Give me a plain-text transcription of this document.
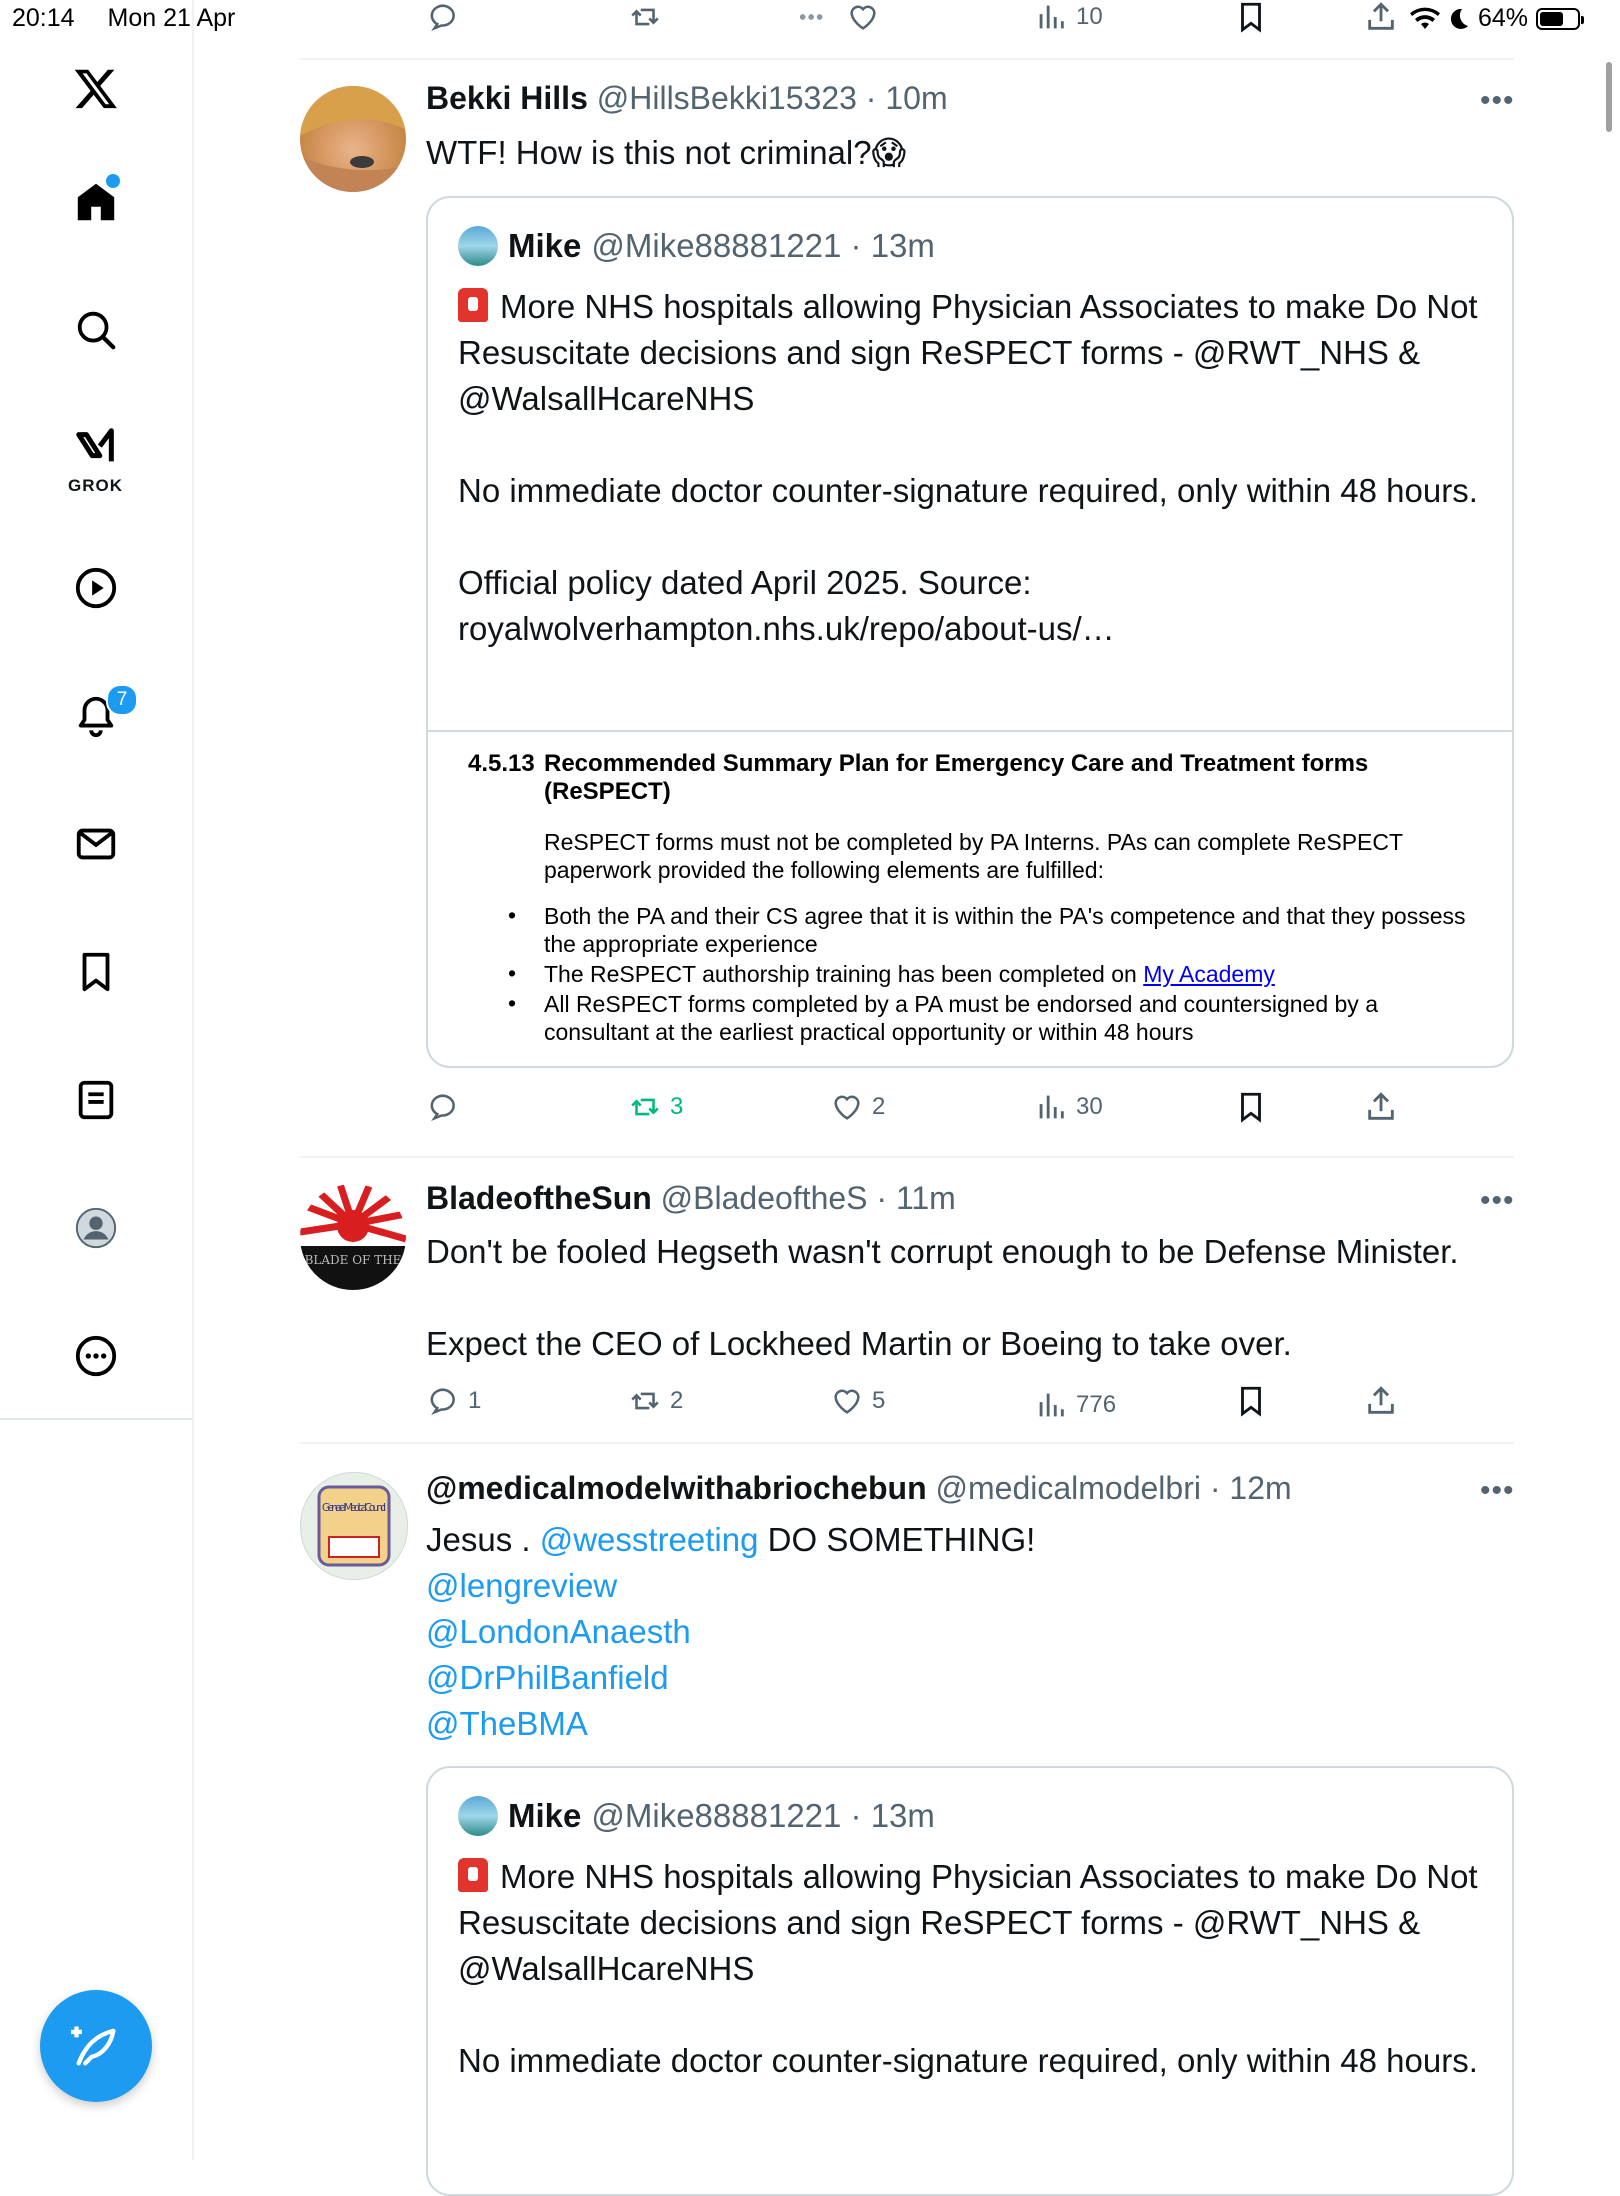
20:14 Mon 21 Apr	64%
GROK
7
10
Bekki Hills @HillsBekki15323 · 10m	•••
WTF! How is this not criminal?😱
Mike @Mike88881221 · 13m
More NHS hospitals allowing Physician Associates to make Do Not Resuscitate decisions and sign ReSPECT forms - @RWT_NHS & @WalsallHcareNHS
No immediate doctor counter-signature required, only within 48 hours.
Official policy dated April 2025. Source: royalwolverhampton.nhs.uk/repo/about-us/…
4.5.13 Recommended Summary Plan for Emergency Care and Treatment forms (ReSPECT)
ReSPECT forms must not be completed by PA Interns. PAs can complete ReSPECT paperwork provided the following elements are fulfilled:
• Both the PA and their CS agree that it is within the PA's competence and that they possess the appropriate experience
• The ReSPECT authorship training has been completed on My Academy
• All ReSPECT forms completed by a PA must be endorsed and countersigned by a consultant at the earliest practical opportunity or within 48 hours
3	2	30
BLADE OF THE
BladeoftheSun @BladeoftheS · 11m	•••
Don't be fooled Hegseth wasn't corrupt enough to be Defense Minister.
Expect the CEO of Lockheed Martin or Boeing to take over.
1	2	5	776
General Medical Council
@medicalmodelwithabriochebun @medicalmodelbri · 12m	•••
Jesus . @wesstreeting DO SOMETHING!
@lengreview
@LondonAnaesth
@DrPhilBanfield
@TheBMA
Mike @Mike88881221 · 13m
More NHS hospitals allowing Physician Associates to make Do Not Resuscitate decisions and sign ReSPECT forms - @RWT_NHS & @WalsallHcareNHS
No immediate doctor counter-signature required, only within 48 hours.
